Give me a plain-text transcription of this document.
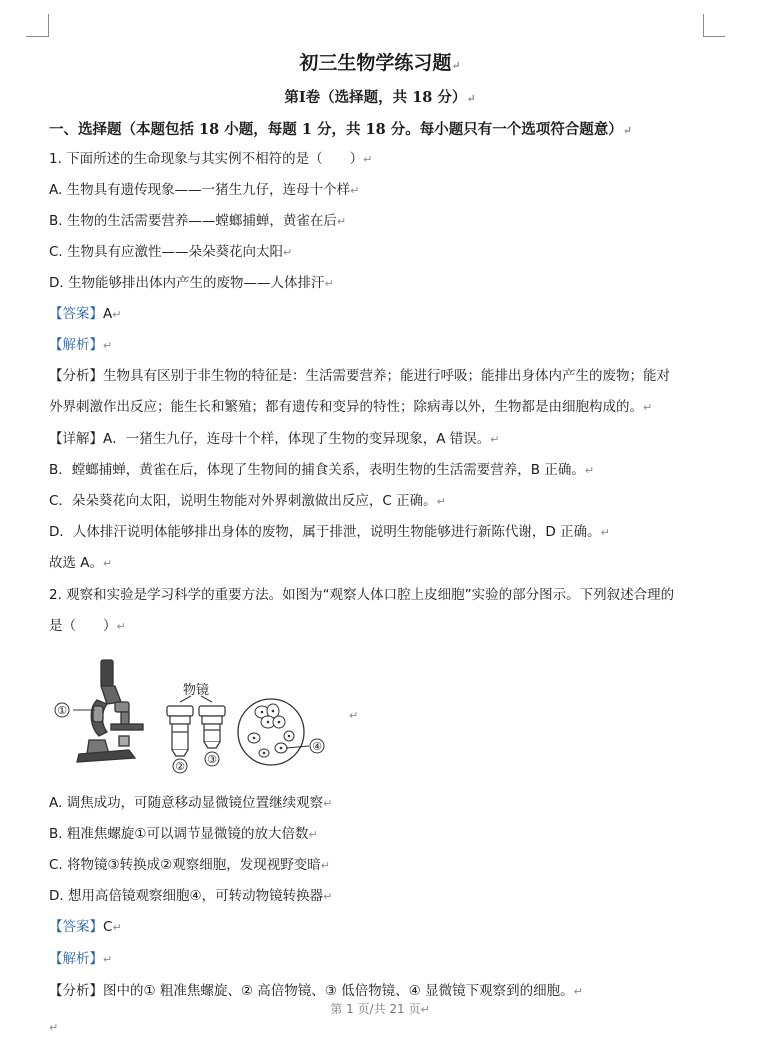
初三生物学练习题↵
第Ⅰ卷（选择题，共 18 分）↵
一、选择题（本题包括 18 小题，每题 1 分，共 18 分。每小题只有一个选项符合题意）↵
1. 下面所述的生命现象与其实例不相符的是（　　）↵
A. 生物具有遗传现象——一猪生九仔，连母十个样↵
B. 生物的生活需要营养——螳螂捕蝉，黄雀在后↵
C. 生物具有应激性——朵朵葵花向太阳↵
D. 生物能够排出体内产生的废物——人体排汗↵
【答案】A↵
【解析】↵
【分析】生物具有区别于非生物的特征是：生活需要营养；能进行呼吸；能排出身体内产生的废物；能对
外界刺激作出反应；能生长和繁殖；都有遗传和变异的特性；除病毒以外，生物都是由细胞构成的。↵
【详解】A．一猪生九仔，连母十个样，体现了生物的变异现象，A 错误。↵
B．螳螂捕蝉，黄雀在后，体现了生物间的捕食关系，表明生物的生活需要营养，B 正确。↵
C．朵朵葵花向太阳，说明生物能对外界刺激做出反应，C 正确。↵
D．人体排汗说明体能够排出身体的废物，属于排泄，说明生物能够进行新陈代谢，D 正确。↵
故选 A。↵
2. 观察和实验是学习科学的重要方法。如图为“观察人体口腔上皮细胞”实验的部分图示。下列叙述合理的
是（　　）↵
①
物镜
②
③
④
↵
A. 调焦成功，可随意移动显微镜位置继续观察↵
B. 粗准焦螺旋①可以调节显微镜的放大倍数↵
C. 将物镜③转换成②观察细胞，发现视野变暗↵
D. 想用高倍镜观察细胞④，可转动物镜转换器↵
【答案】C↵
【解析】↵
【分析】图中的① 粗准焦螺旋、② 高倍物镜、③ 低倍物镜、④ 显微镜下观察到的细胞。↵
第 1 页/共 21 页↵
↵
